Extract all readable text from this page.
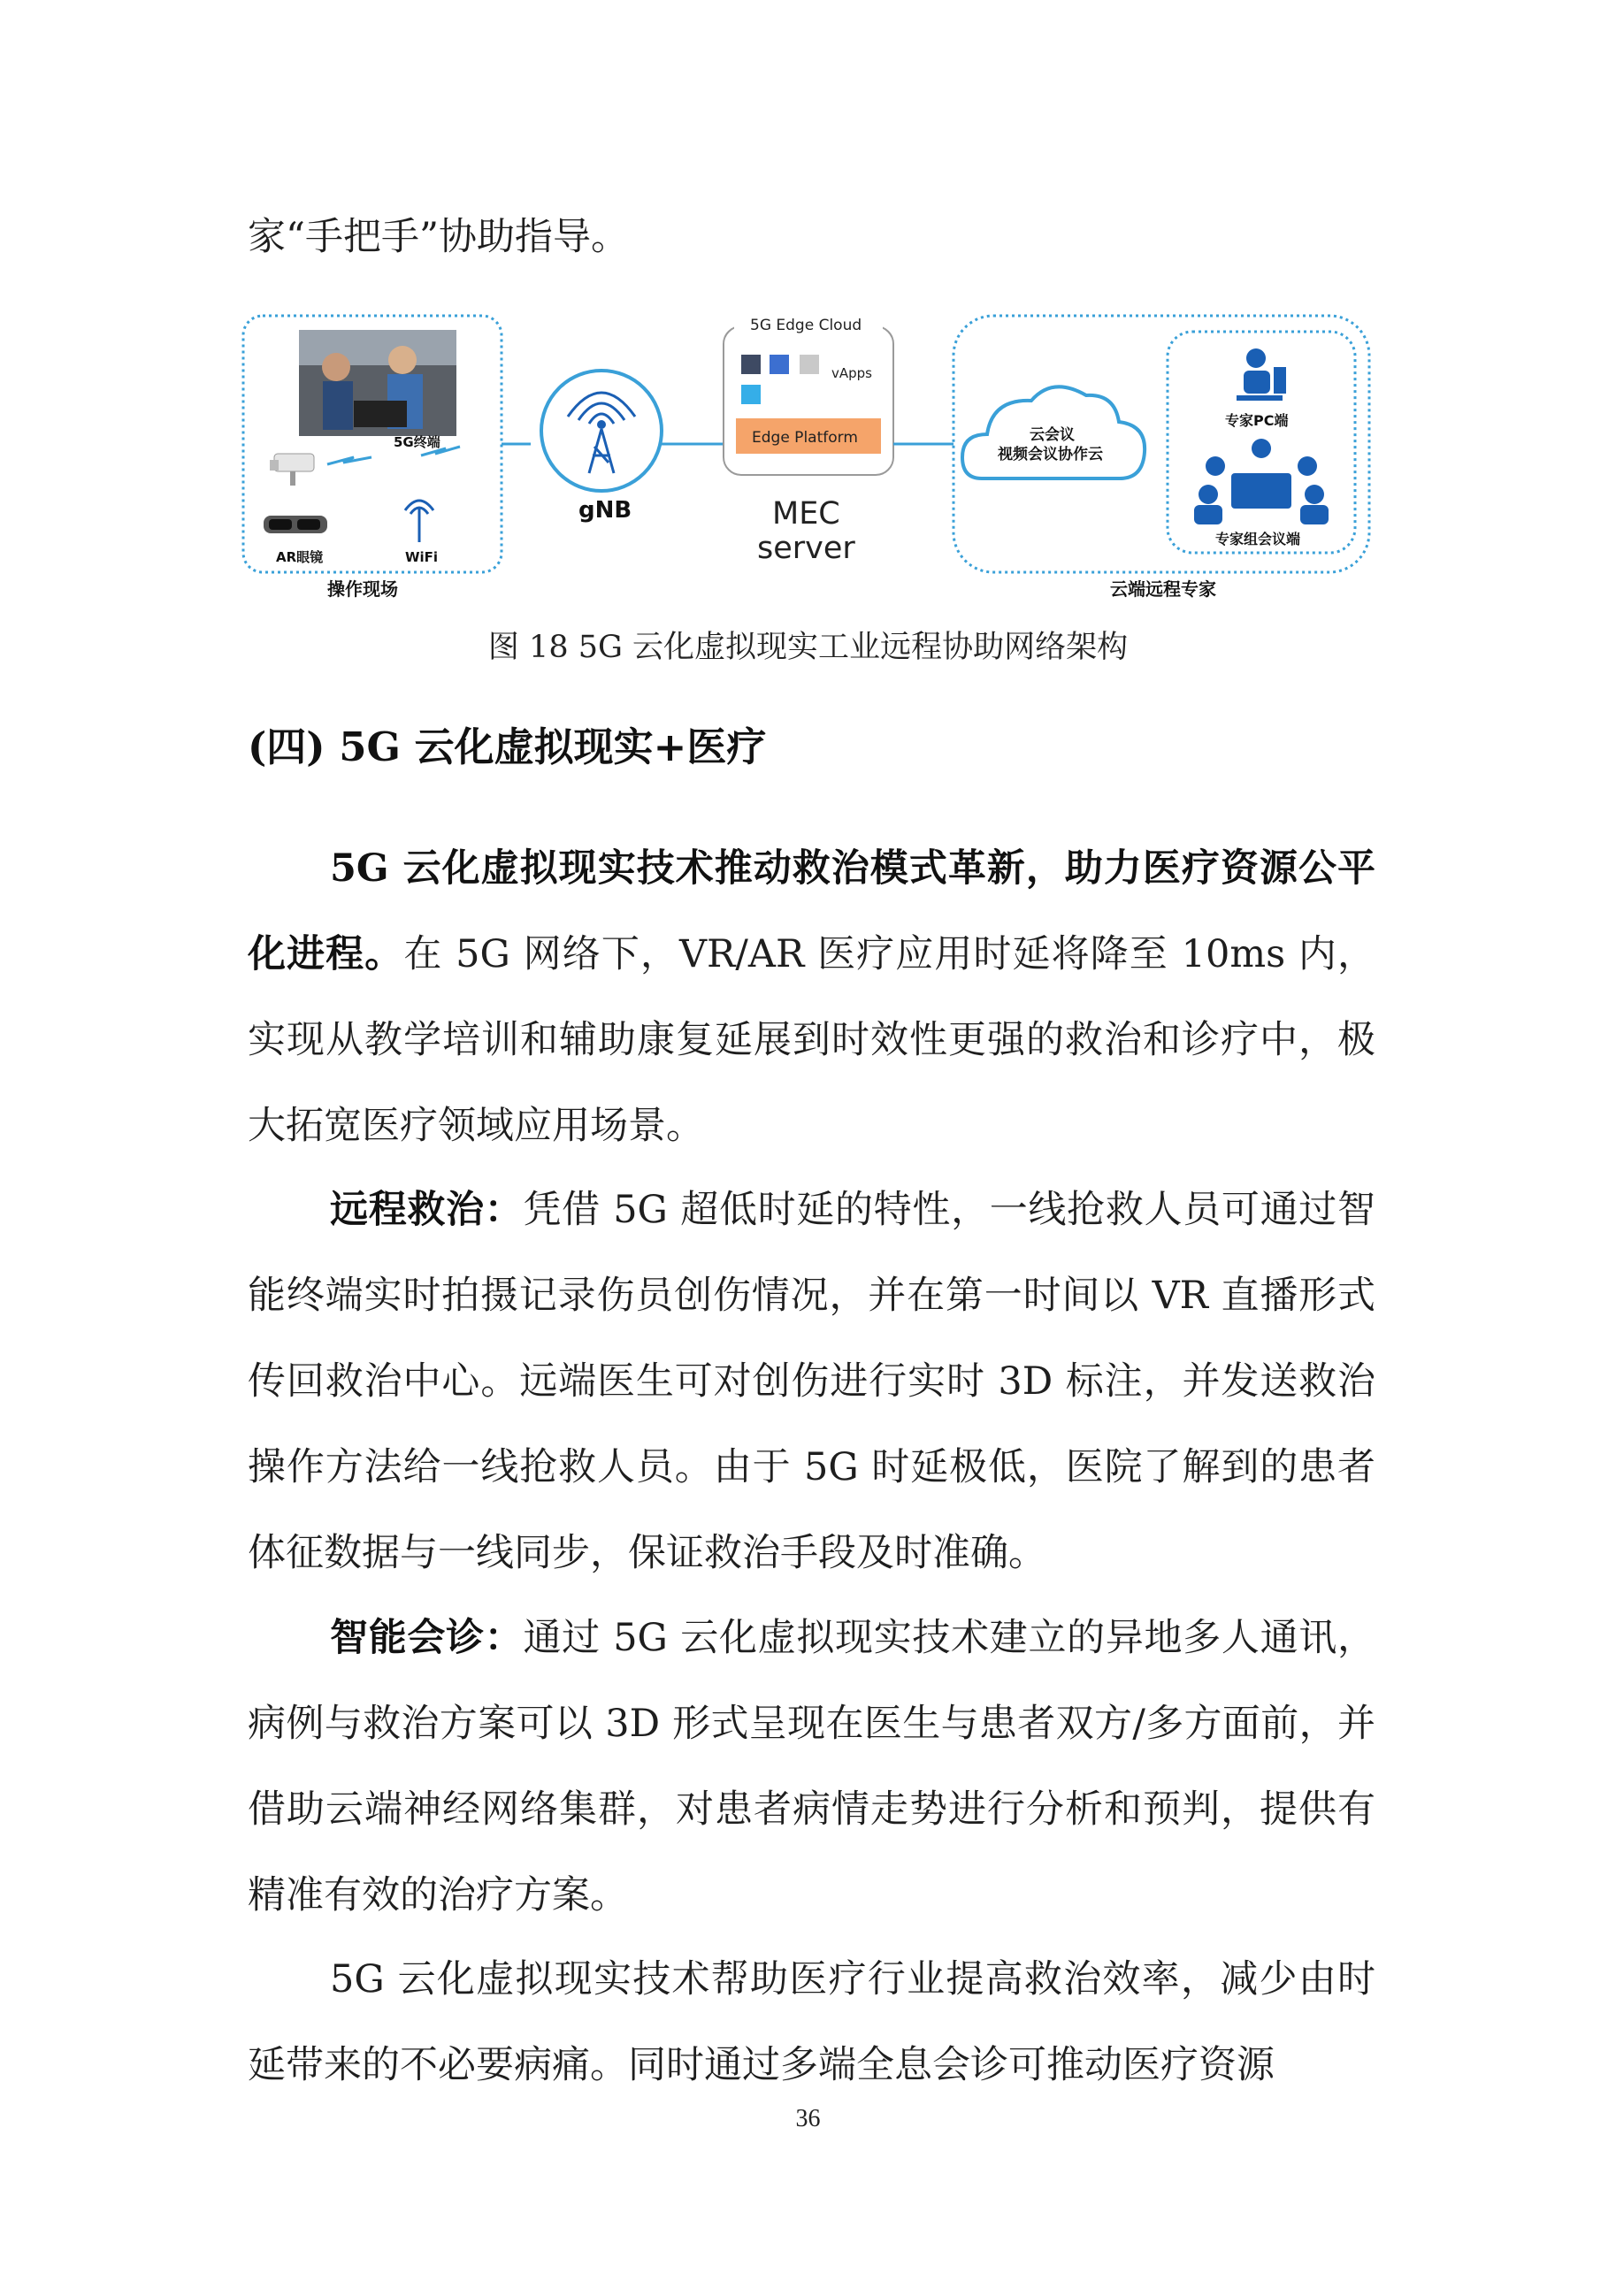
家“手把手”协助指导。

5G终端
AR眼镜	WiFi
操作现场
gNB
5G Edge Cloud
vApps
Edge Platform
MEC
server
云会议
视频会议协作云
专家PC端
专家组会议端
云端远程专家
图 18 5G 云化虚拟现实工业远程协助网络架构
(四) 5G 云化虚拟现实+医疗

5G 云化虚拟现实技术推动救治模式革新，助力医疗资源公平化进程。在 5G 网络下，VR/AR 医疗应用时延将降至 10ms 内，实现从教学培训和辅助康复延展到时效性更强的救治和诊疗中，极大拓宽医疗领域应用场景。

远程救治：凭借 5G 超低时延的特性，一线抢救人员可通过智能终端实时拍摄记录伤员创伤情况，并在第一时间以 VR 直播形式传回救治中心。远端医生可对创伤进行实时 3D 标注，并发送救治操作方法给一线抢救人员。由于 5G 时延极低，医院了解到的患者体征数据与一线同步，保证救治手段及时准确。

智能会诊：通过 5G 云化虚拟现实技术建立的异地多人通讯，病例与救治方案可以 3D 形式呈现在医生与患者双方/多方面前，并借助云端神经网络集群，对患者病情走势进行分析和预判，提供有精准有效的治疗方案。

5G 云化虚拟现实技术帮助医疗行业提高救治效率，减少由时延带来的不必要病痛。同时通过多端全息会诊可推动医疗资源

36
